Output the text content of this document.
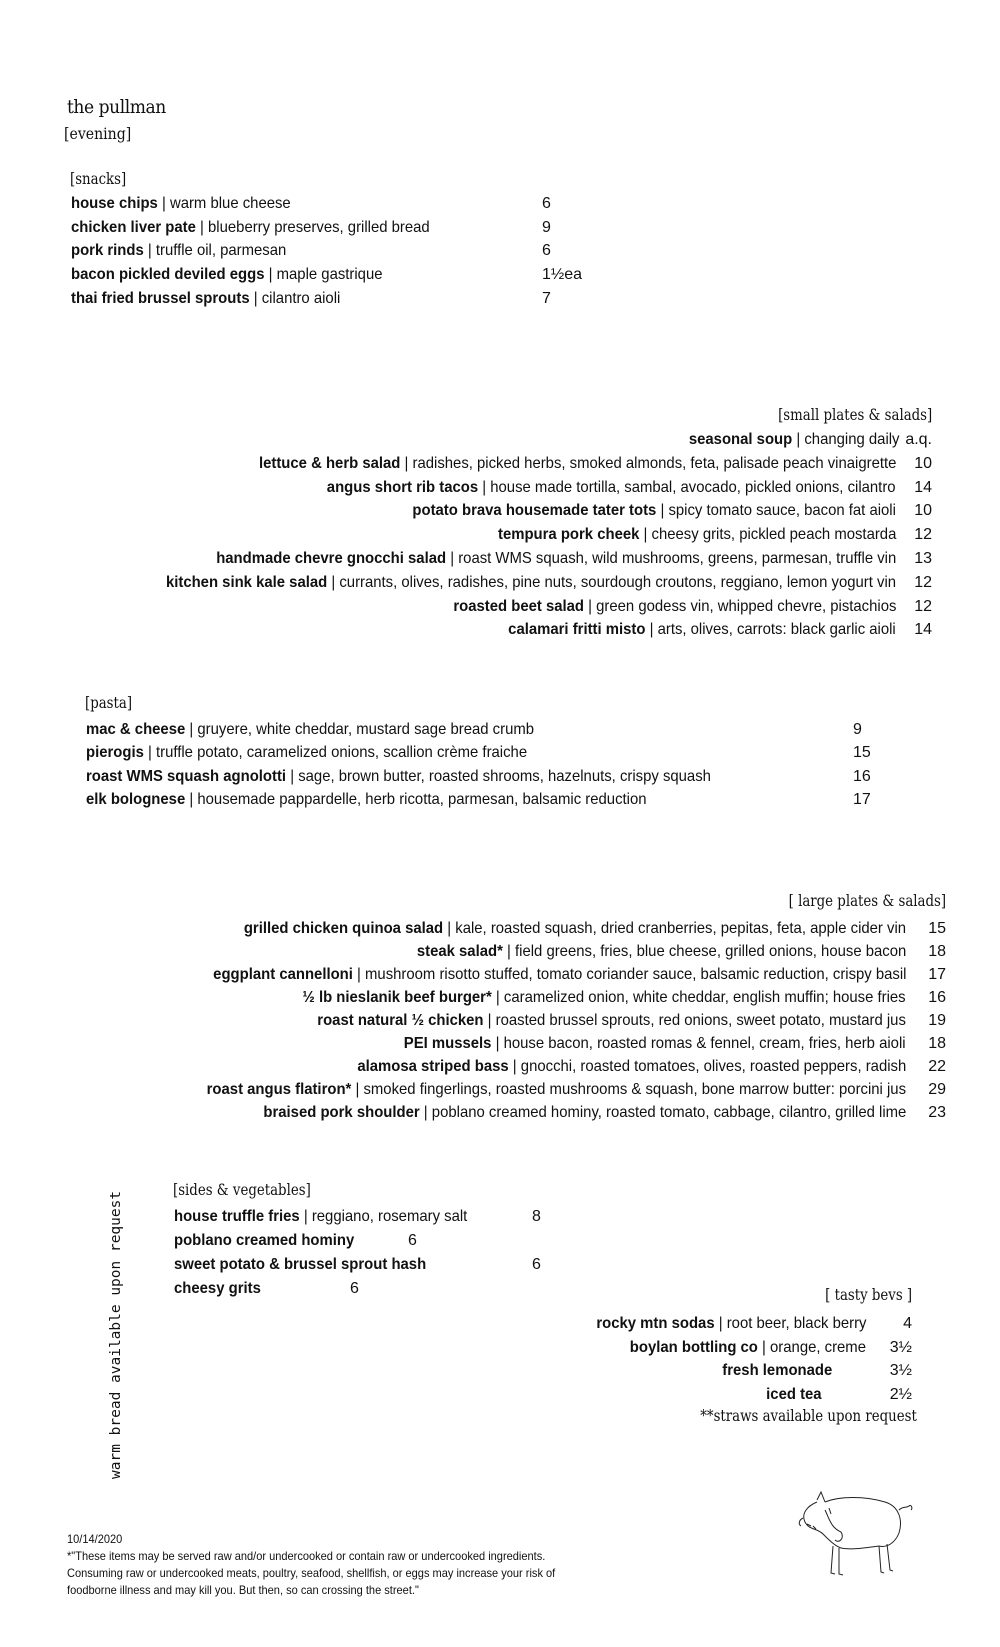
the pullman
[evening]
[snacks]
house chips | warm blue cheese	6
chicken liver pate | blueberry preserves, grilled bread	9
pork rinds | truffle oil, parmesan	6
bacon pickled deviled eggs | maple gastrique	1½ea
thai fried brussel sprouts | cilantro aioli	7
[small plates & salads]
seasonal soup | changing daily a.q.
lettuce & herb salad | radishes, picked herbs, smoked almonds, feta, palisade peach vinaigrette	10
angus short rib tacos | house made tortilla, sambal, avocado, pickled onions, cilantro	14
potato brava housemade tater tots | spicy tomato sauce, bacon fat aioli	10
tempura pork cheek | cheesy grits, pickled peach mostarda	12
handmade chevre gnocchi salad | roast WMS squash, wild mushrooms, greens, parmesan, truffle vin	13
kitchen sink kale salad | currants, olives, radishes, pine nuts, sourdough croutons, reggiano, lemon yogurt vin	12
roasted beet salad | green godess vin, whipped chevre, pistachios	12
calamari fritti misto | arts, olives, carrots: black garlic aioli	14
[pasta]
mac & cheese | gruyere, white cheddar, mustard sage bread crumb	9
pierogis | truffle potato, caramelized onions, scallion crème fraiche	15
roast WMS squash agnolotti | sage, brown butter, roasted shrooms, hazelnuts, crispy squash	16
elk bolognese | housemade pappardelle, herb ricotta, parmesan, balsamic reduction	17
[ large plates & salads]
grilled chicken quinoa salad | kale, roasted squash, dried cranberries, pepitas, feta, apple cider vin	15
steak salad* | field greens, fries, blue cheese, grilled onions, house bacon	18
eggplant cannelloni | mushroom risotto stuffed, tomato coriander sauce, balsamic reduction, crispy basil	17
½ lb nieslanik beef burger* | caramelized onion, white cheddar, english muffin; house fries	16
roast natural ½ chicken | roasted brussel sprouts, red onions, sweet potato, mustard jus	19
PEI mussels | house bacon, roasted romas & fennel, cream, fries, herb aioli	18
alamosa striped bass | gnocchi, roasted tomatoes, olives, roasted peppers, radish	22
roast angus flatiron* | smoked fingerlings, roasted mushrooms & squash, bone marrow butter: porcini jus	29
braised pork shoulder | poblano creamed hominy, roasted tomato, cabbage, cilantro, grilled lime	23
[sides & vegetables]
house truffle fries | reggiano, rosemary salt	8
poblano creamed hominy	6
sweet potato & brussel sprout hash	6
cheesy grits	6
warm bread available upon request	[ tasty bevs ]
rocky mtn sodas | root beer, black berry	4
boylan bottling co | orange, creme	3½
fresh lemonade	3½
iced tea	2½
**straws available upon request
10/14/2020
*"These items may be served raw and/or undercooked or contain raw or undercooked ingredients.
Consuming raw or undercooked meats, poultry, seafood, shellfish, or eggs may increase your risk of
foodborne illness and may kill you. But then, so can crossing the street."
